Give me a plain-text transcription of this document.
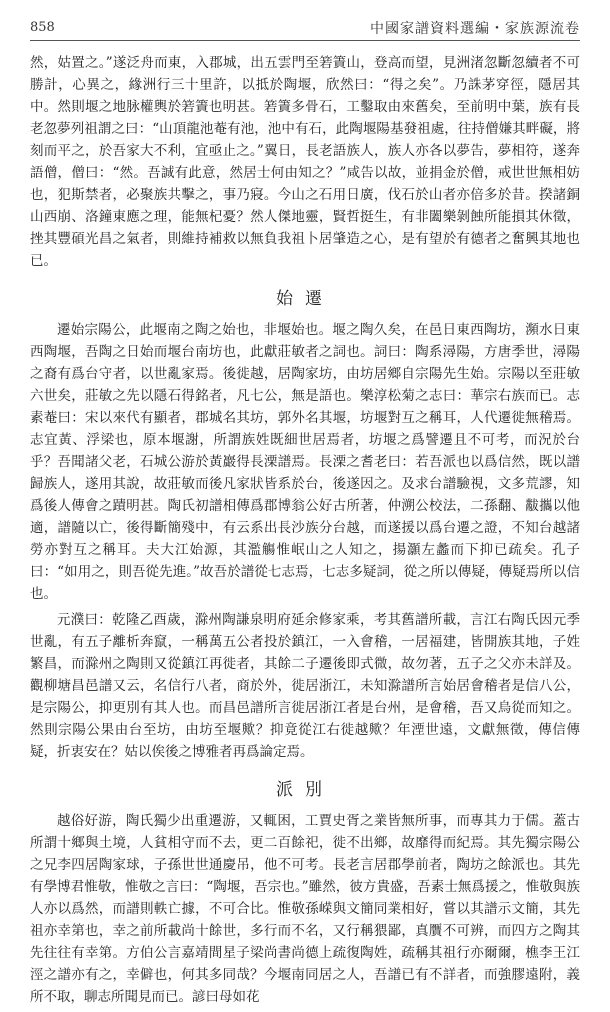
858	中國家譜資料選編・家族源流卷

然，姑置之。”遂泛舟而東，入郡城，出五雲門至箬簀山，登高而望，見洲渚忽斷忽續者不可勝計，心異之，緣洲行三十里許，以抵於陶堰，欣然曰：“得之矣”。乃誅茅穿徑，隱居其中。然則堰之地脉權輿於箬簀也明甚。箬簀多骨石，工鑿取由來舊矣，至前明中葉，族有長老忽夢列祖謂之曰：“山頂龍池菴有池，池中有石，此陶堰陽基發祖處，往持僧嫌其畔礙，將刻而平之，於吾家大不利，宜亟止之。”翼日，長老語族人，族人亦各以夢告，夢相符，遂奔語僧，僧曰：“然。吾誠有此意，然居士何由知之？”咸告以故，並捐金於僧，戒世世無相妨也，犯斯禁者，必聚族共擊之，事乃寢。今山之石用日廣，伐石於山者亦倍多於昔。揆諸銅山西崩、洛鐘東應之理，能無杞憂？然人傑地靈，賢哲挺生，有非闔樂剝蝕所能損其休徵，挫其豐碩光昌之氣者，則維持補救以無負我祖卜居肇造之心，是有望於有德者之奮興其地也已。

始遷

遷始宗陽公，此堰南之陶之始也，非堰始也。堰之陶久矣，在邑日東西陶坊，瀕水日東西陶堰，吾陶之日始而堰台南坊也，此獻莊敏者之詞也。詞曰：陶系潯陽，方唐季世，潯陽之裔有爲台守者，以世亂家焉。後徙越，居陶家坊，由坊居鄉自宗陽先生始。宗陽以至莊敏六世矣，莊敏之先以隱石得銘者，凡七公，無是語也。樂淳松菊之志曰：華宗右族而已。志素菴曰：宋以來代有顯者，郡城名其坊，郭外名其堰，坊堰對互之稱耳，人代遷徙無稽焉。志宜黃、浮梁也，原本堰謝，所謂族姓既細世居焉者，坊堰之爲譬遷且不可考，而況於台乎？吾聞諸父老，石城公游於黃巖得長溧譜焉。長溧之耆老曰：若吾派也以爲信然，既以譜歸族人，遂用其說，故莊敏而後凡家狀皆系於台，後遂因之。及求台譜驗視，文多荒謬，知爲後人傳會之蹟明甚。陶氏初譜相傳爲郡博翁公好古所著，仲溯公校法，二孫翻、黻攜以他適，譜隨以亡，後得斷簡殘中，有云系出長沙族分台越，而遂援以爲台遷之證，不知台越諸勞亦對互之稱耳。夫大江始源，其濫觴惟岷山之人知之，揚灝左蠡而下抑已疏矣。孔子曰：“如用之，則吾從先進。”故吾於譜從七志焉，七志多疑詞，從之所以傳疑，傳疑焉所以信也。

元濮曰：乾隆乙酉歲，滁州陶謙泉明府延余修家乘，考其舊譜所載，言江右陶氏因元季世亂，有五子離析奔竄，一稱萬五公者投於鎮江，一入會稽，一居福建，皆開族其地，子姓繁昌，而滁州之陶則又從鎮江再徙者，其餘二子遷後即式微，故勿著，五子之父亦未詳及。觀柳塘昌邑譜又云，名信行八者，商於外，徙居浙江，未知滁譜所言始居會稽者是信八公，是宗陽公，抑更別有其人也。而昌邑譜所言徙居浙江者是台州，是會稽，吾又烏從而知之。然則宗陽公果由台至坊，由坊至堰歟？抑竟從江右徙越歟？年湮世遠，文獻無徵，傳信傳疑，折衷安在？姑以俟後之博雅者再爲論定焉。

派別

越俗好游，陶氏獨少出重遷游，又輒困，工賈史胥之業皆無所事，而專其力于儒。蓋古所謂十鄉與土境，人貧相守而不去，更二百餘祀，徙不出鄉，故靡得而紀焉。其先獨宗陽公之兄李四居陶家球，子孫世世通慶吊，他不可考。長老言居郡學前者，陶坊之餘派也。其先有學博君惟敬，惟敬之言曰：“陶堰，吾宗也。”雖然，彼方貴盛，吾素士無爲援之，惟敬與族人亦以爲然，而譜則軼亡據，不可合比。惟敬孫嵘與文簡同業相好，嘗以其譜示文簡，其先祖亦幸第也，幸之前所載尚十餘世，多行而不名，又行稱猥鄙，真贋不可辨，而四方之陶其先往往有幸第。方伯公言嘉靖間星子梁尚書尚德上疏復陶姓，疏稱其祖行亦爾爾，樵李王江涇之譜亦有之，幸僻也，何其多同哉？今堰南同居之人，吾譜已有不詳者，而強膠遠附，義所不取，聊志所聞見而已。諺曰母如花
